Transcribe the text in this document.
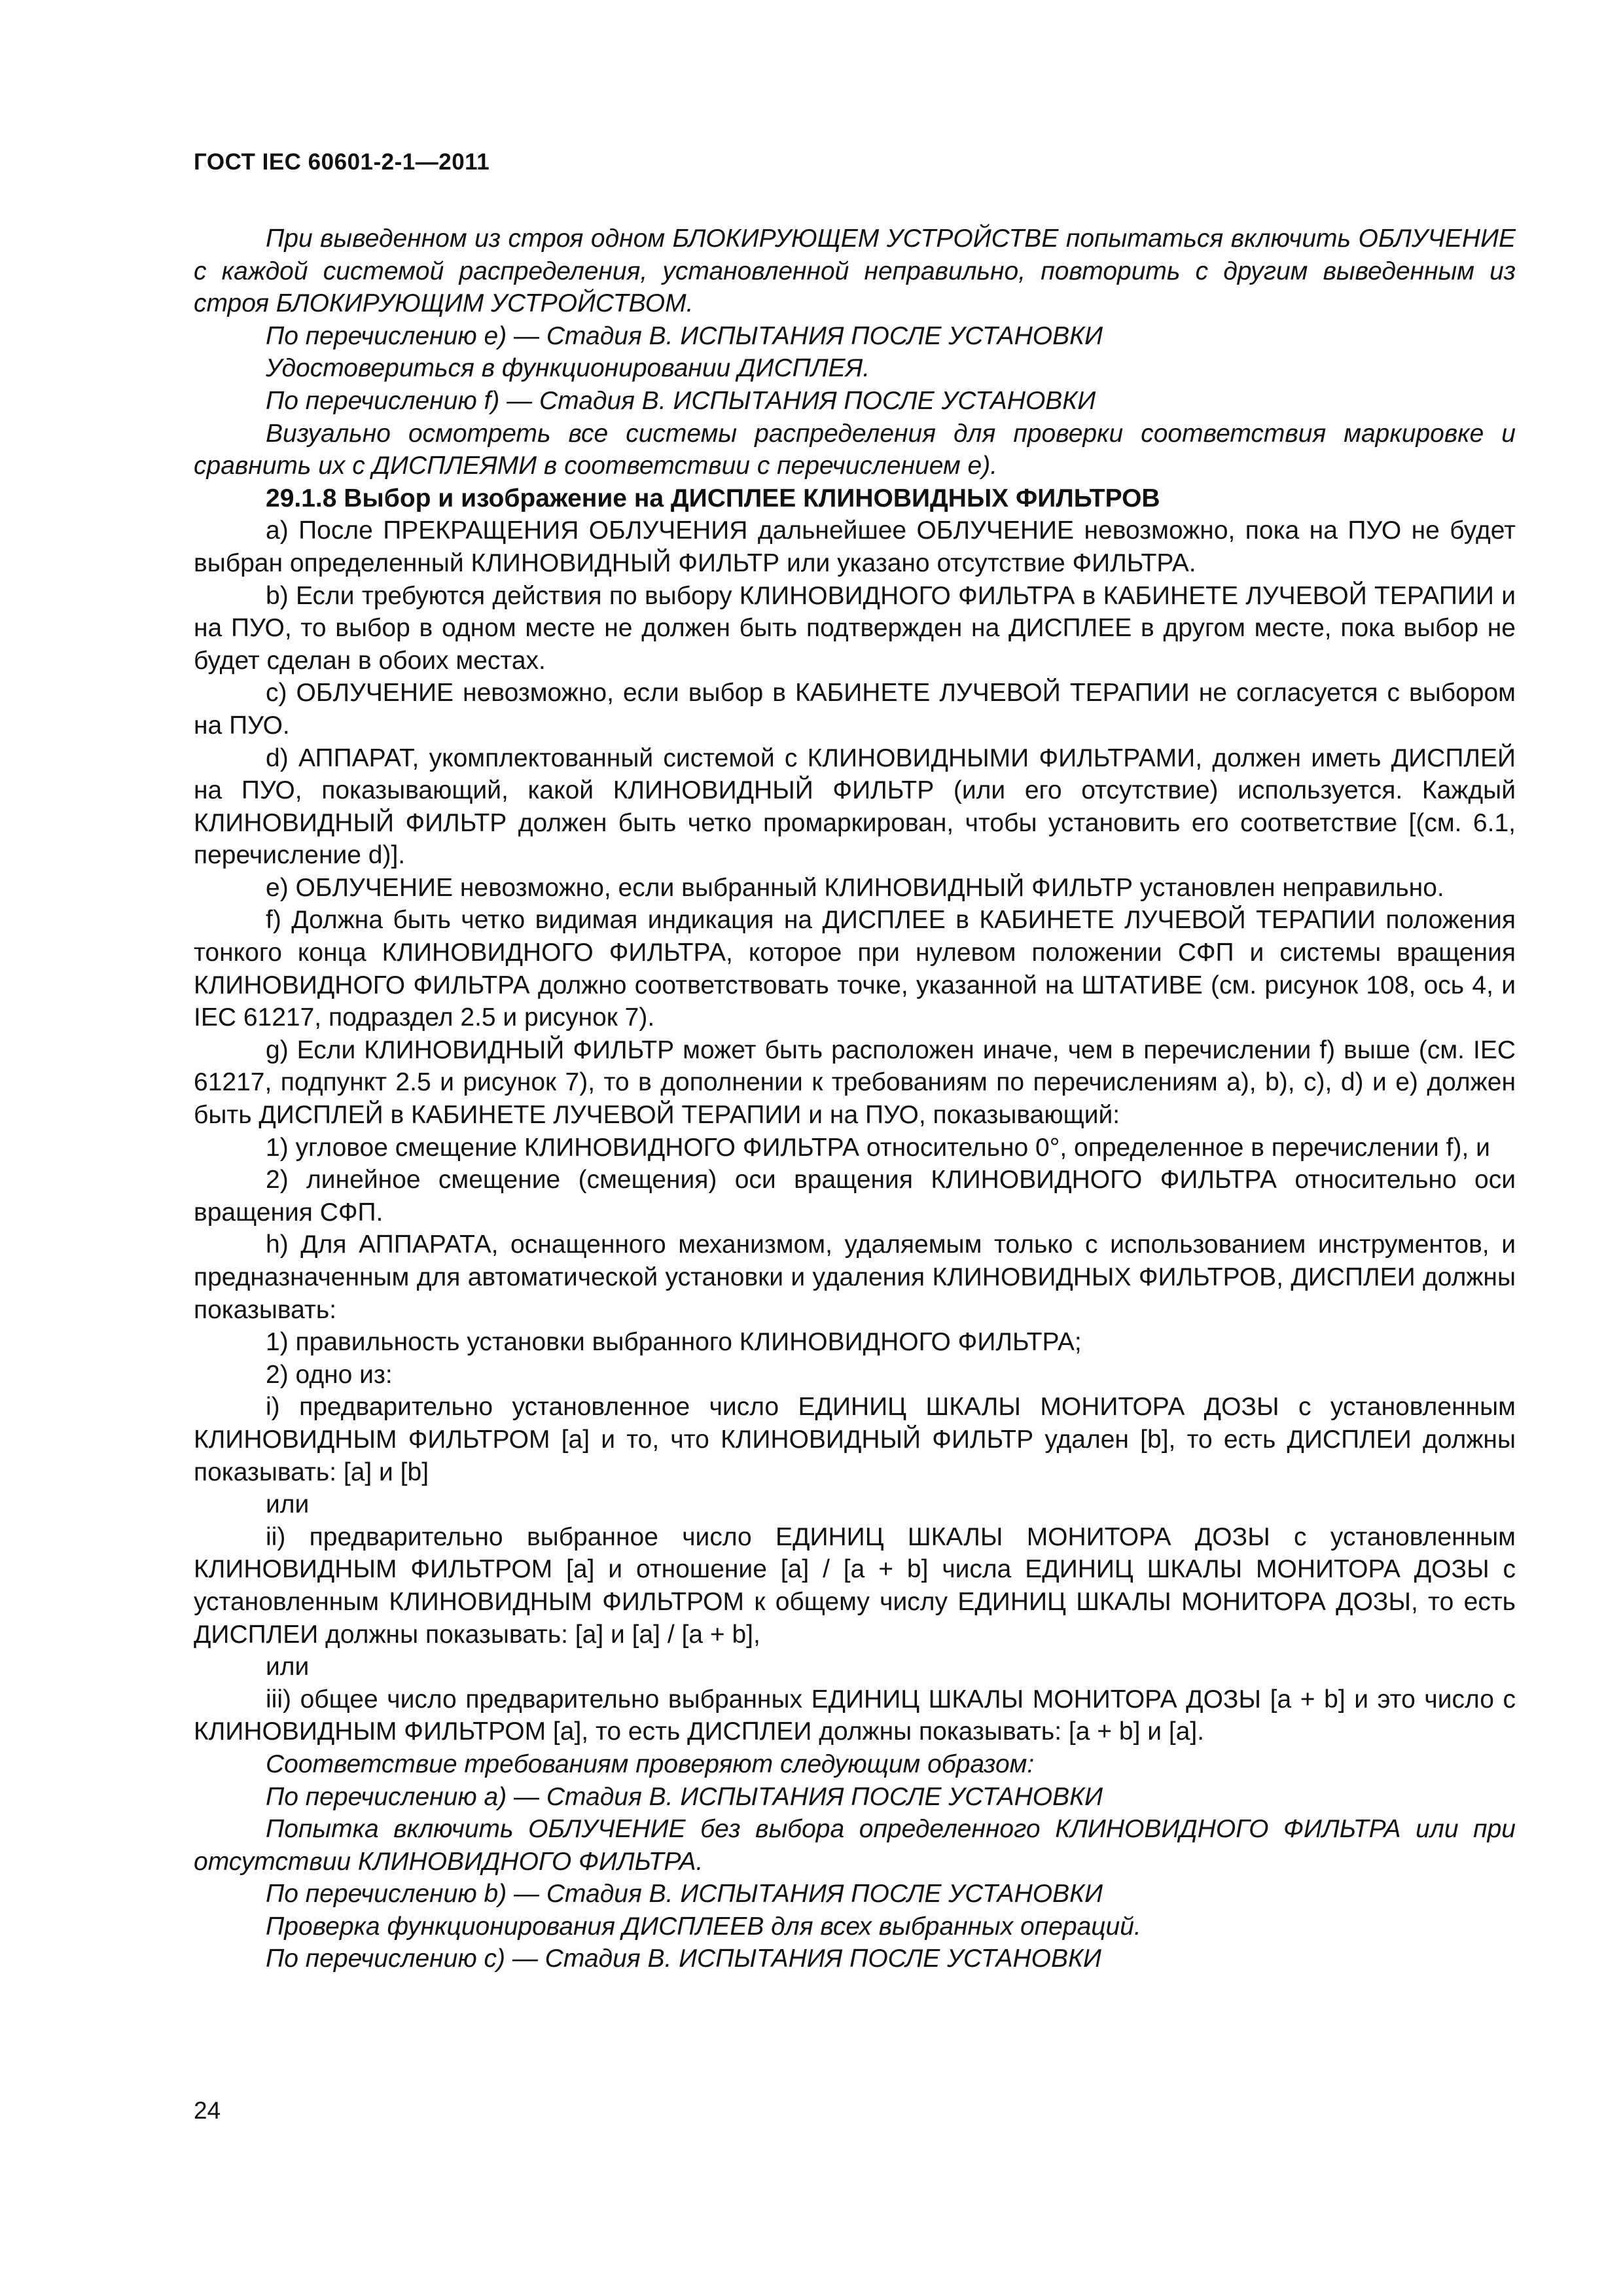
ГОСТ IEC 60601-2-1—2011

При выведенном из строя одном БЛОКИРУЮЩЕМ УСТРОЙСТВЕ попытаться включить ОБЛУЧЕНИЕ с каждой системой распределения, установленной неправильно, повторить с другим выведенным из строя БЛОКИРУЮЩИМ УСТРОЙСТВОМ.

По перечислению е) — Стадия В. ИСПЫТАНИЯ ПОСЛЕ УСТАНОВКИ

Удостовериться в функционировании ДИСПЛЕЯ.

По перечислению f) — Стадия В. ИСПЫТАНИЯ ПОСЛЕ УСТАНОВКИ

Визуально осмотреть все системы распределения для проверки соответствия маркировке и сравнить их с ДИСПЛЕЯМИ в соответствии с перечислением е).

29.1.8 Выбор и изображение на ДИСПЛЕЕ КЛИНОВИДНЫХ ФИЛЬТРОВ

а) После ПРЕКРАЩЕНИЯ ОБЛУЧЕНИЯ дальнейшее ОБЛУЧЕНИЕ невозможно, пока на ПУО не будет выбран определенный КЛИНОВИДНЫЙ ФИЛЬТР или указано отсутствие ФИЛЬТРА.

b) Если требуются действия по выбору КЛИНОВИДНОГО ФИЛЬТРА в КАБИНЕТЕ ЛУЧЕВОЙ ТЕРАПИИ и на ПУО, то выбор в одном месте не должен быть подтвержден на ДИСПЛЕЕ в другом месте, пока выбор не будет сделан в обоих местах.

с) ОБЛУЧЕНИЕ невозможно, если выбор в КАБИНЕТЕ ЛУЧЕВОЙ ТЕРАПИИ не согласуется с выбором на ПУО.

d) АППАРАТ, укомплектованный системой с КЛИНОВИДНЫМИ ФИЛЬТРАМИ, должен иметь ДИСПЛЕЙ на ПУО, показывающий, какой КЛИНОВИДНЫЙ ФИЛЬТР (или его отсутствие) используется. Каждый КЛИНОВИДНЫЙ ФИЛЬТР должен быть четко промаркирован, чтобы установить его соответствие [(см. 6.1, перечисление d)].

е) ОБЛУЧЕНИЕ невозможно, если выбранный КЛИНОВИДНЫЙ ФИЛЬТР установлен неправильно.

f) Должна быть четко видимая индикация на ДИСПЛЕЕ в КАБИНЕТЕ ЛУЧЕВОЙ ТЕРАПИИ положения тонкого конца КЛИНОВИДНОГО ФИЛЬТРА, которое при нулевом положении СФП и системы вращения КЛИНОВИДНОГО ФИЛЬТРА должно соответствовать точке, указанной на ШТАТИВЕ (см. рисунок 108, ось 4, и IEC 61217, подраздел 2.5 и рисунок 7).

g) Если КЛИНОВИДНЫЙ ФИЛЬТР может быть расположен иначе, чем в перечислении f) выше (см. IEC 61217, подпункт 2.5 и рисунок 7), то в дополнении к требованиям по перечислениям а), b), с), d) и е) должен быть ДИСПЛЕЙ в КАБИНЕТЕ ЛУЧЕВОЙ ТЕРАПИИ и на ПУО, показывающий:

1) угловое смещение КЛИНОВИДНОГО ФИЛЬТРА относительно 0°, определенное в перечислении f), и

2) линейное смещение (смещения) оси вращения КЛИНОВИДНОГО ФИЛЬТРА относительно оси вращения СФП.

h) Для АППАРАТА, оснащенного механизмом, удаляемым только с использованием инструментов, и предназначенным для автоматической установки и удаления КЛИНОВИДНЫХ ФИЛЬТРОВ, ДИСПЛЕИ должны показывать:

1) правильность установки выбранного КЛИНОВИДНОГО ФИЛЬТРА;

2) одно из:

i) предварительно установленное число ЕДИНИЦ ШКАЛЫ МОНИТОРА ДОЗЫ с установленным КЛИНОВИДНЫМ ФИЛЬТРОМ [а] и то, что КЛИНОВИДНЫЙ ФИЛЬТР удален [b], то есть ДИСПЛЕИ должны показывать: [а] и [b]

или

ii) предварительно выбранное число ЕДИНИЦ ШКАЛЫ МОНИТОРА ДОЗЫ с установленным КЛИНОВИДНЫМ ФИЛЬТРОМ [а] и отношение [а] / [а + b] числа ЕДИНИЦ ШКАЛЫ МОНИТОРА ДОЗЫ с установленным КЛИНОВИДНЫМ ФИЛЬТРОМ к общему числу ЕДИНИЦ ШКАЛЫ МОНИТОРА ДОЗЫ, то есть ДИСПЛЕИ должны показывать: [а] и [а] / [а + b],

или

iii) общее число предварительно выбранных ЕДИНИЦ ШКАЛЫ МОНИТОРА ДОЗЫ [а + b] и это число с КЛИНОВИДНЫМ ФИЛЬТРОМ [а], то есть ДИСПЛЕИ должны показывать: [а + b] и [а].

Соответствие требованиям проверяют следующим образом:

По перечислению а) — Стадия В. ИСПЫТАНИЯ ПОСЛЕ УСТАНОВКИ

Попытка включить ОБЛУЧЕНИЕ без выбора определенного КЛИНОВИДНОГО ФИЛЬТРА или при отсутствии КЛИНОВИДНОГО ФИЛЬТРА.

По перечислению b) — Стадия В. ИСПЫТАНИЯ ПОСЛЕ УСТАНОВКИ

Проверка функционирования ДИСПЛЕЕВ для всех выбранных операций.

По перечислению с) — Стадия В. ИСПЫТАНИЯ ПОСЛЕ УСТАНОВКИ

24
